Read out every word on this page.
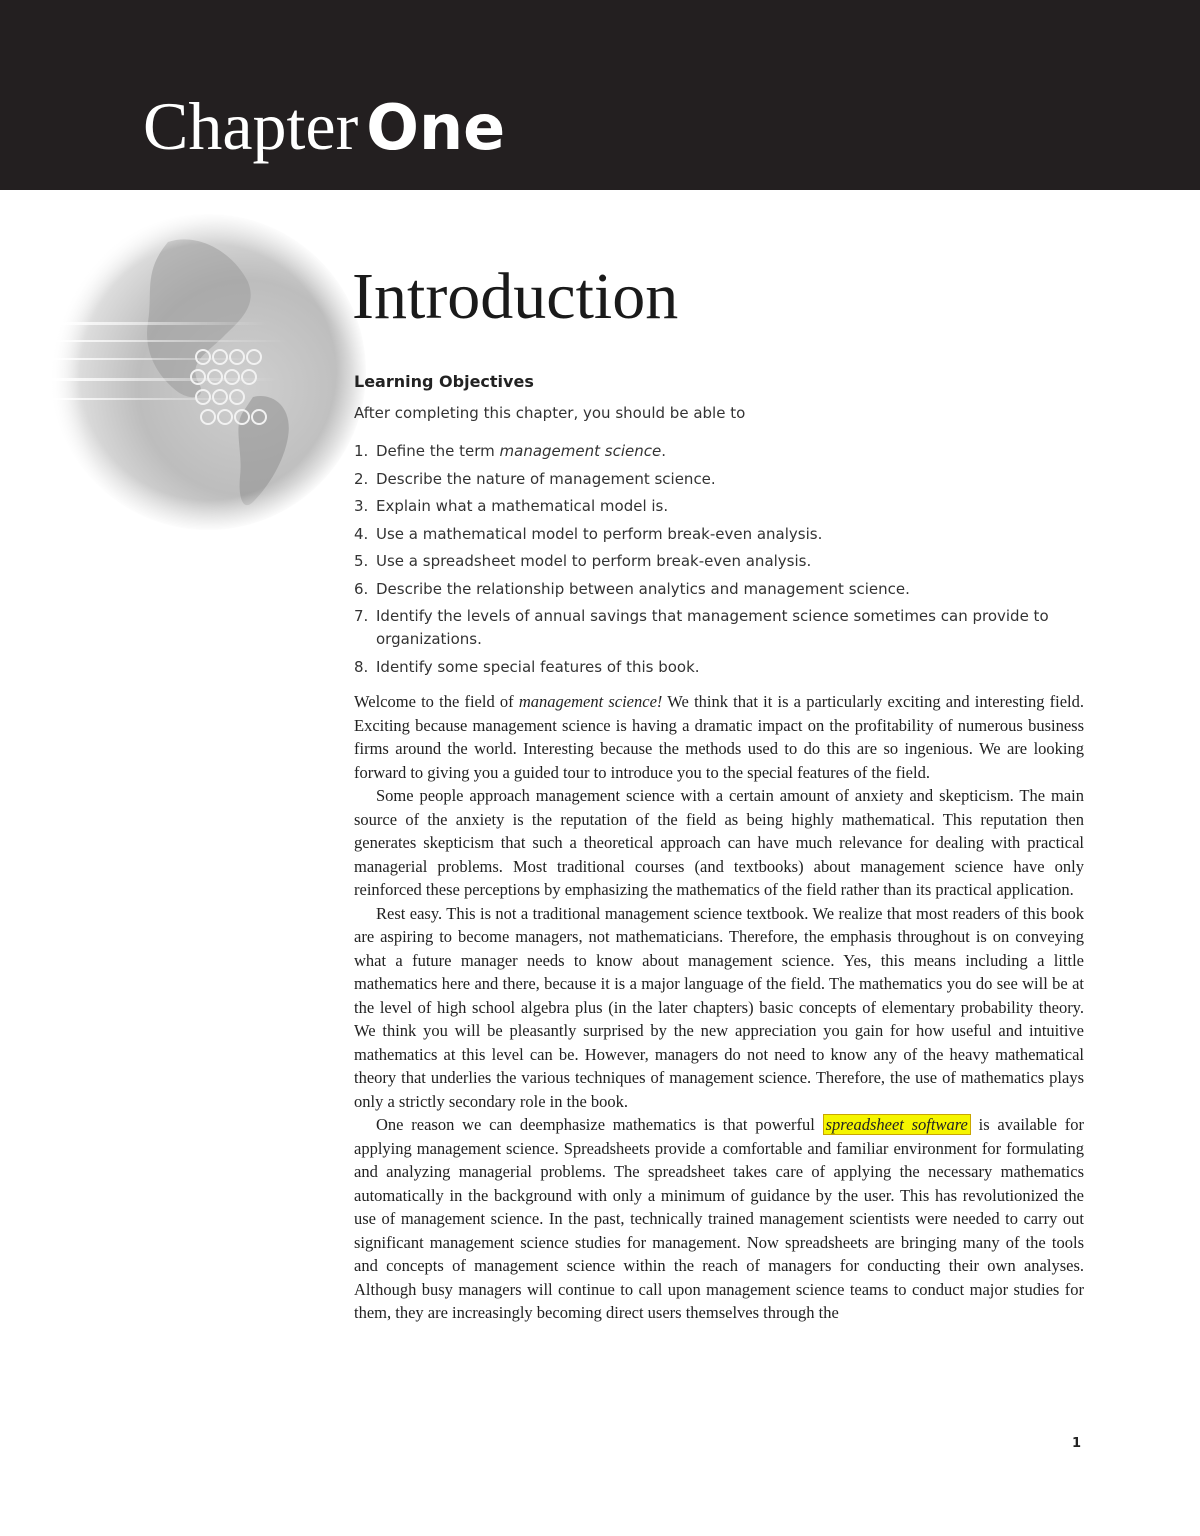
Chapter One
Introduction
Learning Objectives

After completing this chapter, you should be able to

1. Define the term management science.
2. Describe the nature of management science.
3. Explain what a mathematical model is.
4. Use a mathematical model to perform break-even analysis.
5. Use a spreadsheet model to perform break-even analysis.
6. Describe the relationship between analytics and management science.
7. Identify the levels of annual savings that management science sometimes can provide to organizations.
8. Identify some special features of this book.

Welcome to the field of management science! We think that it is a particularly exciting and interesting field. Exciting because management science is having a dramatic impact on the profitability of numerous business firms around the world. Interesting because the methods used to do this are so ingenious. We are looking forward to giving you a guided tour to introduce you to the special features of the field.

Some people approach management science with a certain amount of anxiety and skepticism. The main source of the anxiety is the reputation of the field as being highly mathematical. This reputation then generates skepticism that such a theoretical approach can have much relevance for dealing with practical managerial problems. Most traditional courses (and textbooks) about management science have only reinforced these perceptions by emphasizing the mathematics of the field rather than its practical application.

Rest easy. This is not a traditional management science textbook. We realize that most readers of this book are aspiring to become managers, not mathematicians. Therefore, the emphasis throughout is on conveying what a future manager needs to know about management science. Yes, this means including a little mathematics here and there, because it is a major language of the field. The mathematics you do see will be at the level of high school algebra plus (in the later chapters) basic concepts of elementary probability theory. We think you will be pleasantly surprised by the new appreciation you gain for how useful and intuitive mathematics at this level can be. However, managers do not need to know any of the heavy mathematical theory that underlies the various techniques of management science. Therefore, the use of mathematics plays only a strictly secondary role in the book.

One reason we can deemphasize mathematics is that powerful spreadsheet software is available for applying management science. Spreadsheets provide a comfortable and familiar environment for formulating and analyzing managerial problems. The spreadsheet takes care of applying the necessary mathematics automatically in the background with only a minimum of guidance by the user. This has revolutionized the use of management science. In the past, technically trained management scientists were needed to carry out significant management science studies for management. Now spreadsheets are bringing many of the tools and concepts of management science within the reach of managers for conducting their own analyses. Although busy managers will continue to call upon management science teams to conduct major studies for them, they are increasingly becoming direct users themselves through the

1
